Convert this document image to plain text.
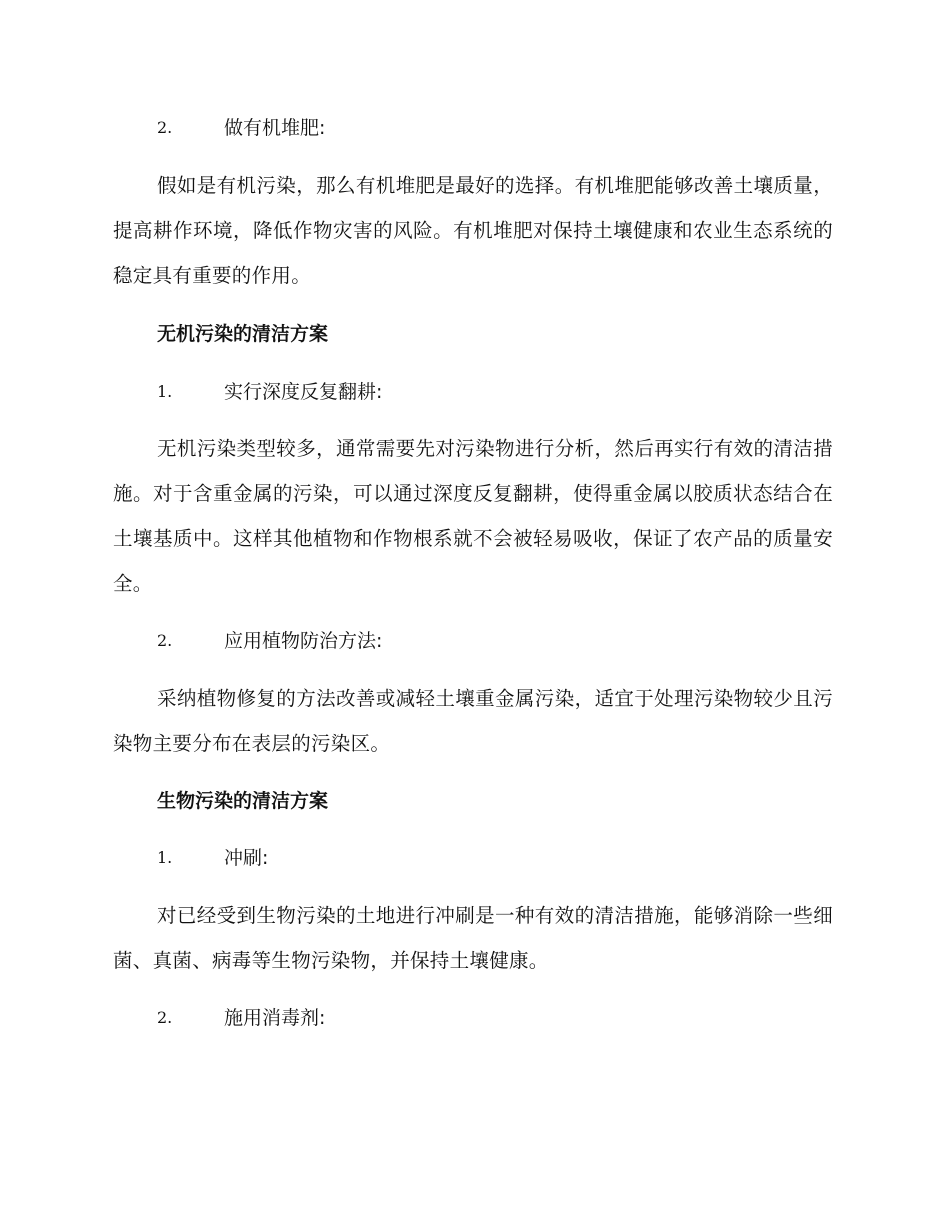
2.	做有机堆肥:

假如是有机污染，那么有机堆肥是最好的选择。有机堆肥能够改善土壤质量，提高耕作环境，降低作物灾害的风险。有机堆肥对保持土壤健康和农业生态系统的稳定具有重要的作用。

无机污染的清洁方案
1.	实行深度反复翻耕:

无机污染类型较多，通常需要先对污染物进行分析，然后再实行有效的清洁措施。对于含重金属的污染，可以通过深度反复翻耕，使得重金属以胶质状态结合在土壤基质中。这样其他植物和作物根系就不会被轻易吸收，保证了农产品的质量安全。

2.	应用植物防治方法:

采纳植物修复的方法改善或减轻土壤重金属污染，适宜于处理污染物较少且污染物主要分布在表层的污染区。

生物污染的清洁方案
1.	冲刷:

对已经受到生物污染的土地进行冲刷是一种有效的清洁措施，能够消除一些细菌、真菌、病毒等生物污染物，并保持土壤健康。

2.	施用消毒剂:
